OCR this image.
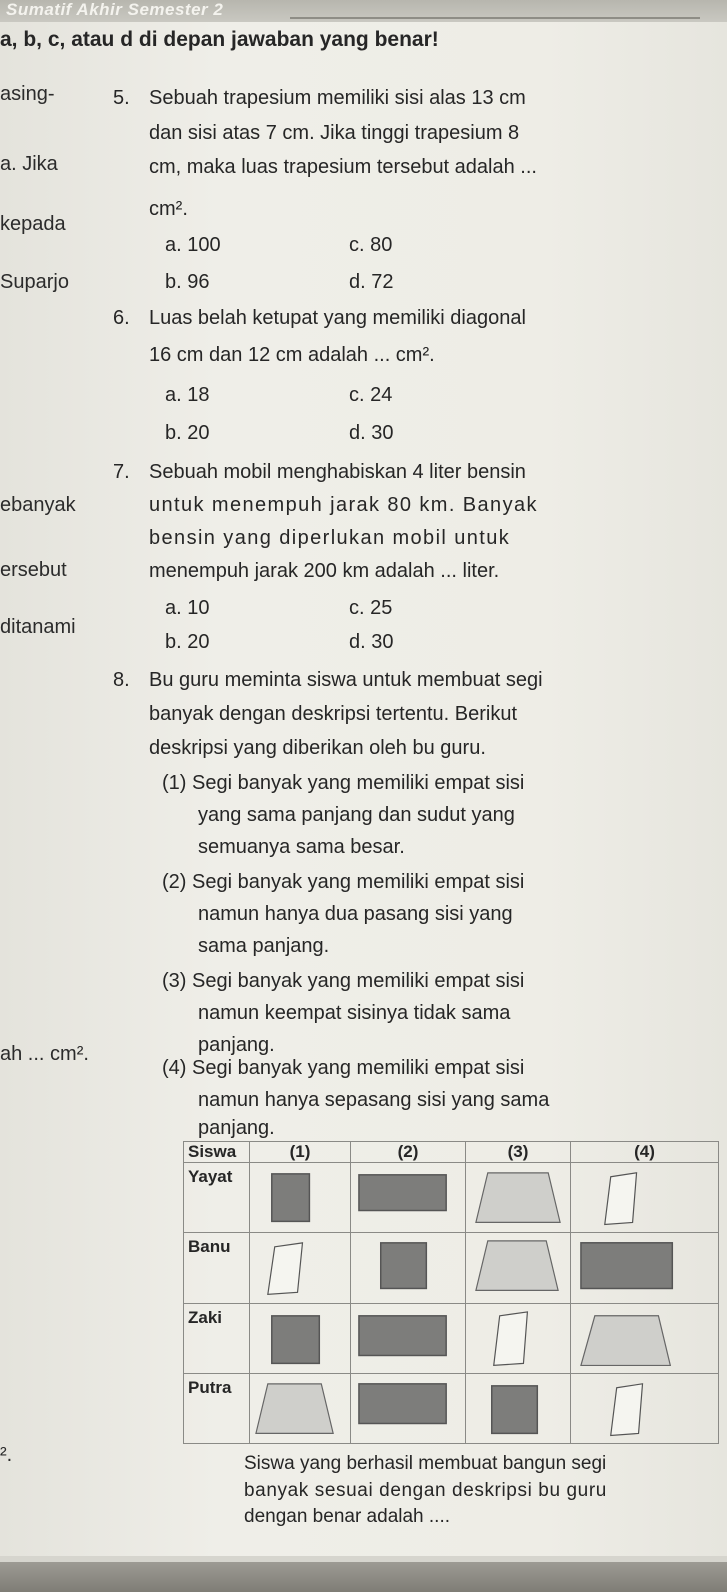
Sumatif Akhir Semester 2
a, b, c, atau d di depan jawaban yang benar!
asing-
a. Jika
kepada
Suparjo
ebanyak
ersebut
ditanami
ah ... cm².
².
5. Sebuah trapesium memiliki sisi alas 13 cm
dan sisi atas 7 cm. Jika tinggi trapesium 8
cm, maka luas trapesium tersebut adalah ...
cm².
a. 100	c. 80
b. 96	d. 72
6. Luas belah ketupat yang memiliki diagonal
16 cm dan 12 cm adalah ... cm².
a. 18	c. 24
b. 20	d. 30
7. Sebuah mobil menghabiskan 4 liter bensin
untuk menempuh jarak 80 km. Banyak
bensin yang diperlukan mobil untuk
menempuh jarak 200 km adalah ... liter.
a. 10	c. 25
b. 20	d. 30
8. Bu guru meminta siswa untuk membuat segi
banyak dengan deskripsi tertentu. Berikut
deskripsi yang diberikan oleh bu guru.
(1) Segi banyak yang memiliki empat sisi
yang sama panjang dan sudut yang
semuanya sama besar.
(2) Segi banyak yang memiliki empat sisi
namun hanya dua pasang sisi yang
sama panjang.
(3) Segi banyak yang memiliki empat sisi
namun keempat sisinya tidak sama
panjang.
(4) Segi banyak yang memiliki empat sisi
namun hanya sepasang sisi yang sama
panjang.
Siswa	(1)	(2)	(3)	(4)
Yayat	

Banu	

Zaki	

Putra	

Siswa yang berhasil membuat bangun segi
banyak sesuai dengan deskripsi bu guru
dengan benar adalah ....
